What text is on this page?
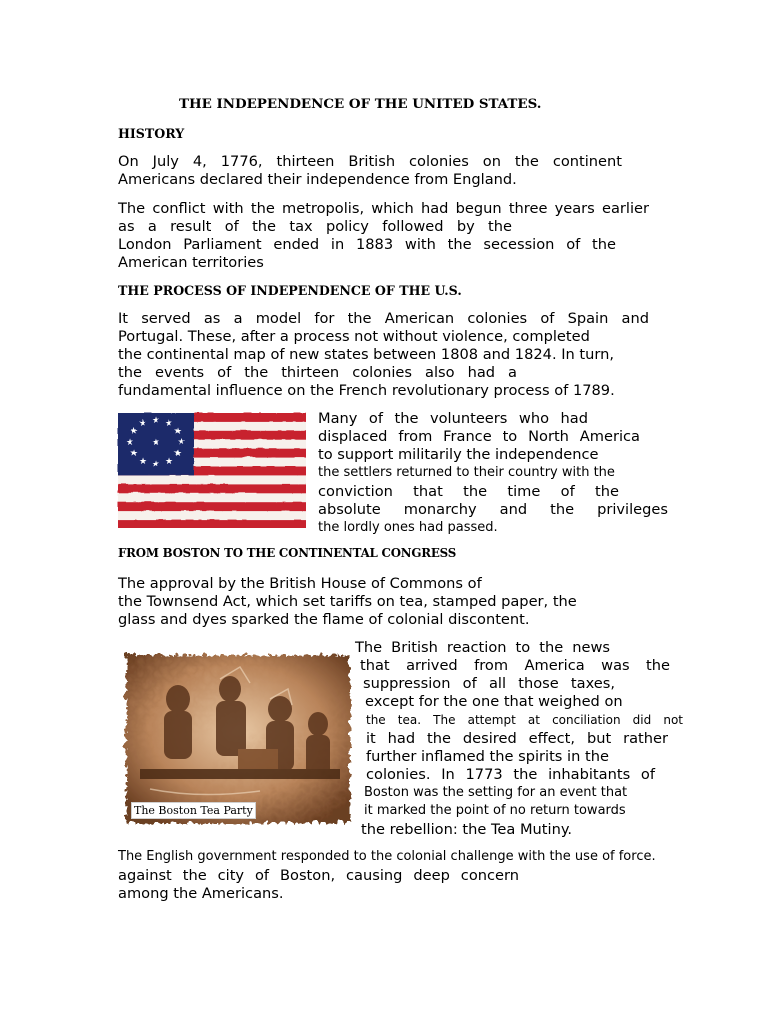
THE INDEPENDENCE OF THE UNITED STATES.
HISTORY
On July 4, 1776, thirteen British colonies on the continent
Americans declared their independence from England.
The conflict with the metropolis, which had begun three years earlier
as a result of the tax policy followed by the
London Parliament ended in 1883 with the secession of the
American territories
THE PROCESS OF INDEPENDENCE OF THE U.S.
It served as a model for the American colonies of Spain and
Portugal. These, after a process not without violence, completed
the continental map of new states between 1808 and 1824. In turn,
the events of the thirteen colonies also had a
fundamental influence on the French revolutionary process of 1789.
★ ★
★
★
★
★
★
★
★
★
★
★
★
Many of the volunteers who had
displaced from France to North America
to support militarily the independence
the settlers returned to their country with the
conviction that the time of the
absolute monarchy and the privileges
the lordly ones had passed.
FROM BOSTON TO THE CONTINENTAL CONGRESS
The approval by the British House of Commons of
the Townsend Act, which set tariffs on tea, stamped paper, the
glass and dyes sparked the flame of colonial discontent.
The Boston Tea Party
The British reaction to the news
that arrived from America was the
suppression of all those taxes,
except for the one that weighed on
the tea. The attempt at conciliation did not
it had the desired effect, but rather
further inflamed the spirits in the
colonies. In 1773 the inhabitants of
Boston was the setting for an event that
it marked the point of no return towards
the rebellion: the Tea Mutiny.
The English government responded to the colonial challenge with the use of force.
against the city of Boston, causing deep concern
among the Americans.
